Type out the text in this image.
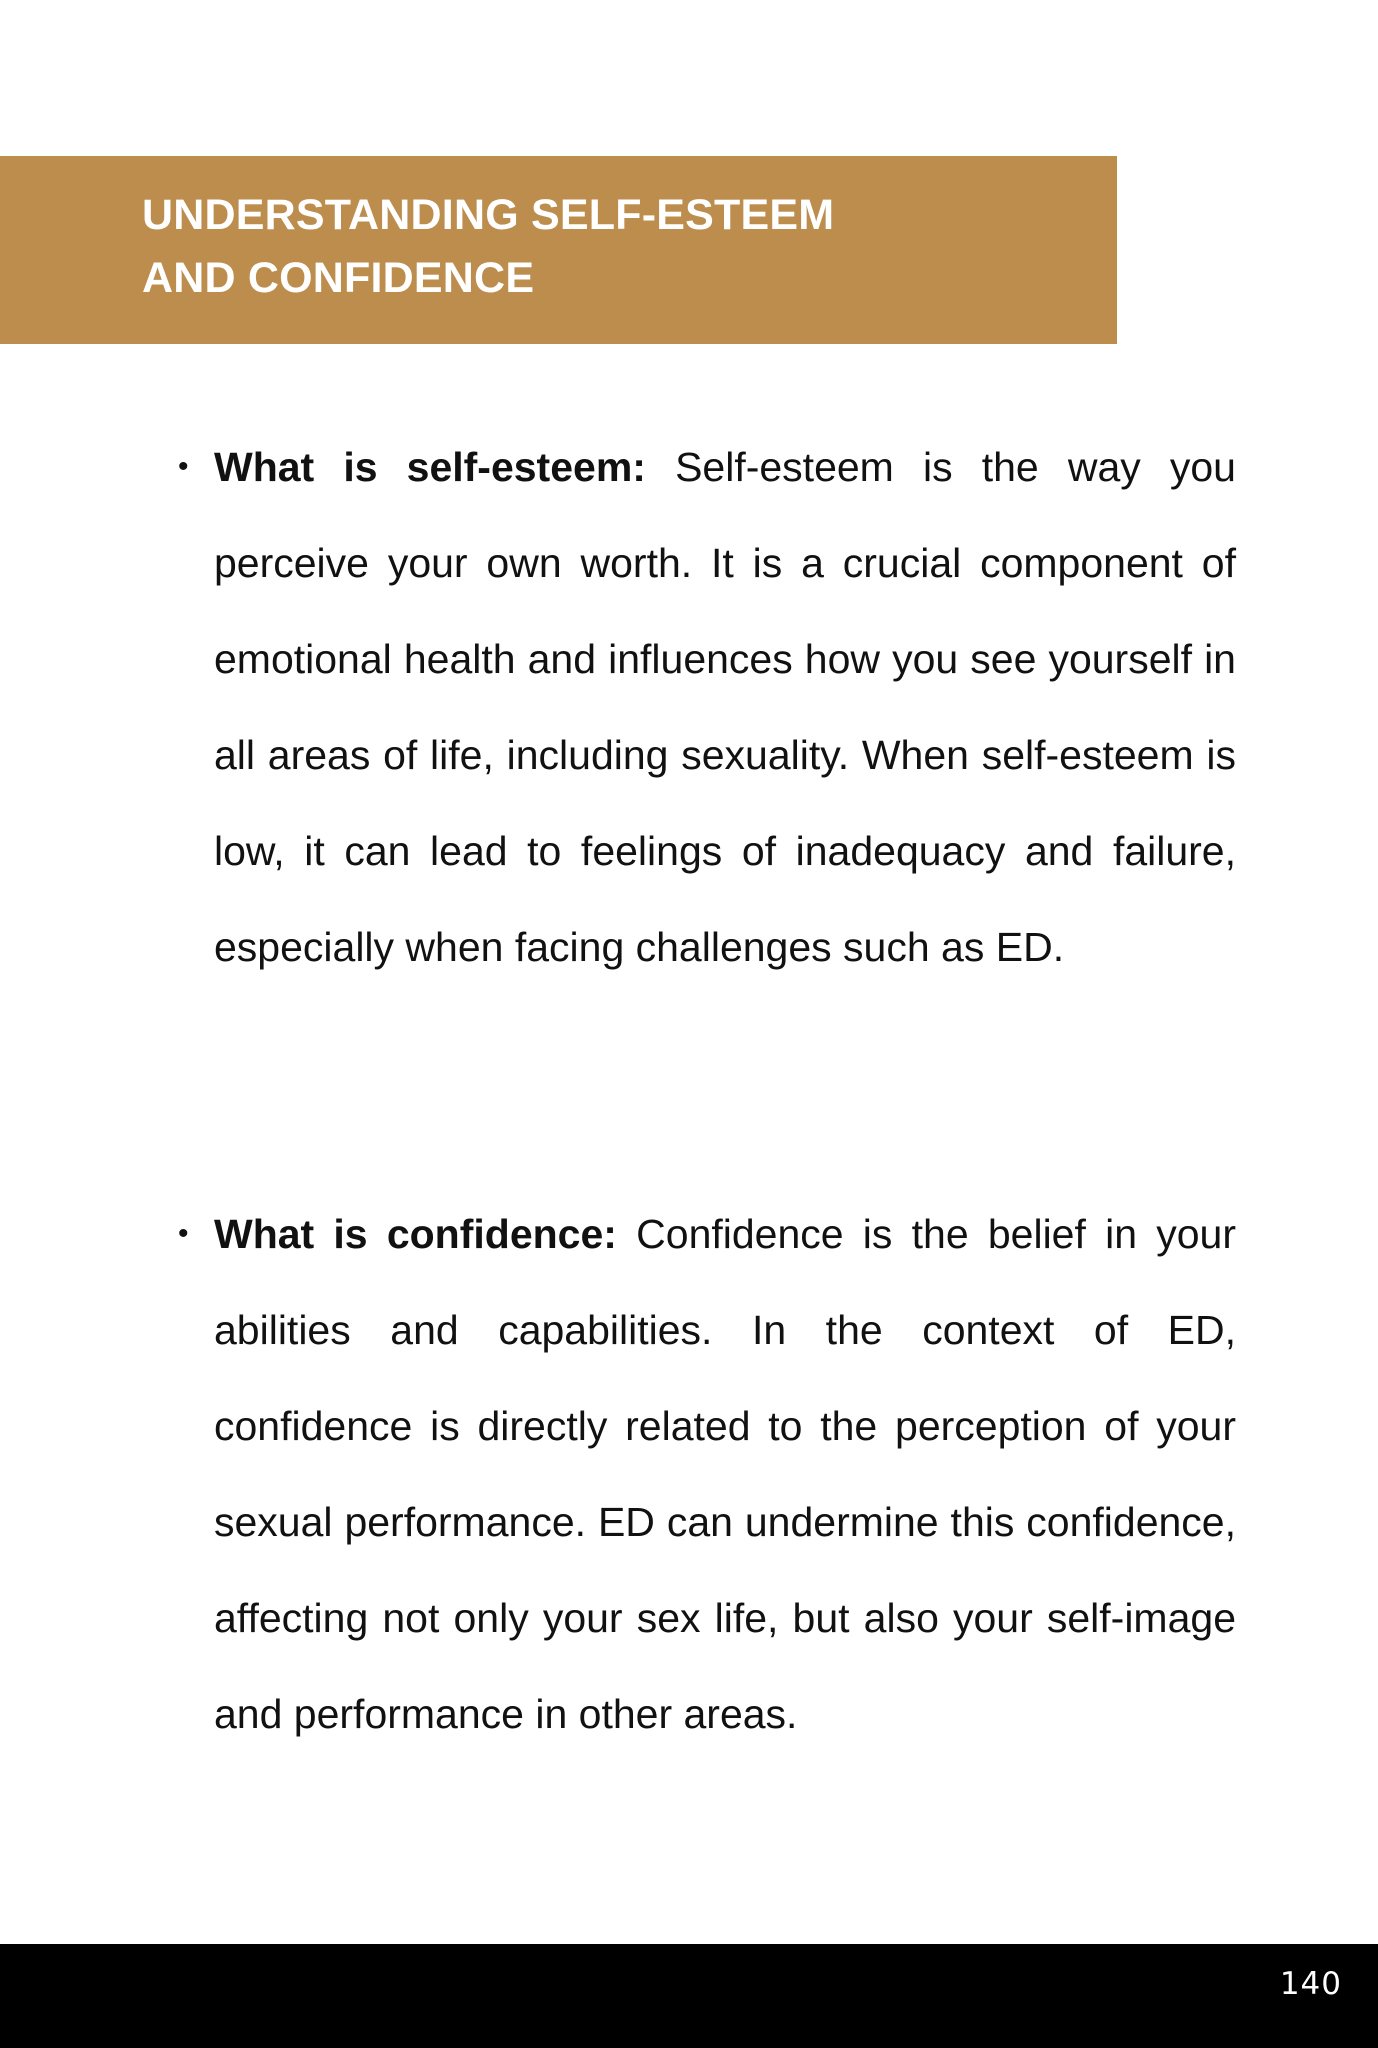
UNDERSTANDING SELF-ESTEEM
AND CONFIDENCE
• What is self-esteem: Self-esteem is the way you perceive your own worth. It is a crucial component of emotional health and influences how you see yourself in all areas of life, including sexuality. When self-esteem is low, it can lead to feelings of inadequacy and failure, especially when facing challenges such as ED.
• What is confidence: Confidence is the belief in your abilities and capabilities. In the context of ED, confidence is directly related to the perception of your sexual performance. ED can undermine this confidence, affecting not only your sex life, but also your self-image and performance in other areas.
140
